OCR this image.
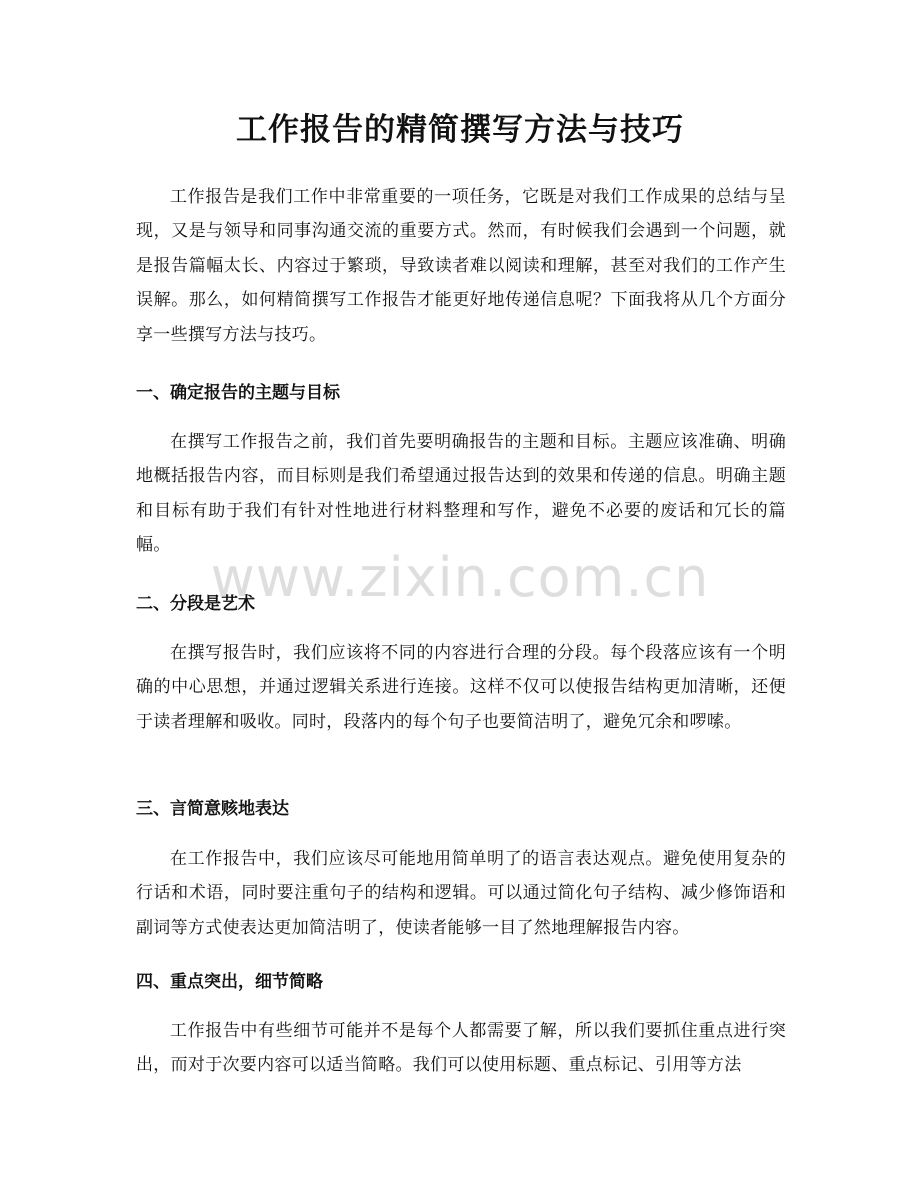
工作报告的精简撰写方法与技巧

工作报告是我们工作中非常重要的一项任务，它既是对我们工作成果的总结与呈现，又是与领导和同事沟通交流的重要方式。然而，有时候我们会遇到一个问题，就是报告篇幅太长、内容过于繁琐，导致读者难以阅读和理解，甚至对我们的工作产生误解。那么，如何精简撰写工作报告才能更好地传递信息呢？下面我将从几个方面分享一些撰写方法与技巧。

一、确定报告的主题与目标

在撰写工作报告之前，我们首先要明确报告的主题和目标。主题应该准确、明确地概括报告内容，而目标则是我们希望通过报告达到的效果和传递的信息。明确主题和目标有助于我们有针对性地进行材料整理和写作，避免不必要的废话和冗长的篇幅。

二、分段是艺术

在撰写报告时，我们应该将不同的内容进行合理的分段。每个段落应该有一个明确的中心思想，并通过逻辑关系进行连接。这样不仅可以使报告结构更加清晰，还便于读者理解和吸收。同时，段落内的每个句子也要简洁明了，避免冗余和啰嗦。

三、言简意赅地表达

在工作报告中，我们应该尽可能地用简单明了的语言表达观点。避免使用复杂的行话和术语，同时要注重句子的结构和逻辑。可以通过简化句子结构、减少修饰语和副词等方式使表达更加简洁明了，使读者能够一目了然地理解报告内容。

四、重点突出，细节简略

工作报告中有些细节可能并不是每个人都需要了解，所以我们要抓住重点进行突出，而对于次要内容可以适当简略。我们可以使用标题、重点标记、引用等方法

www.zixin.com.cn
